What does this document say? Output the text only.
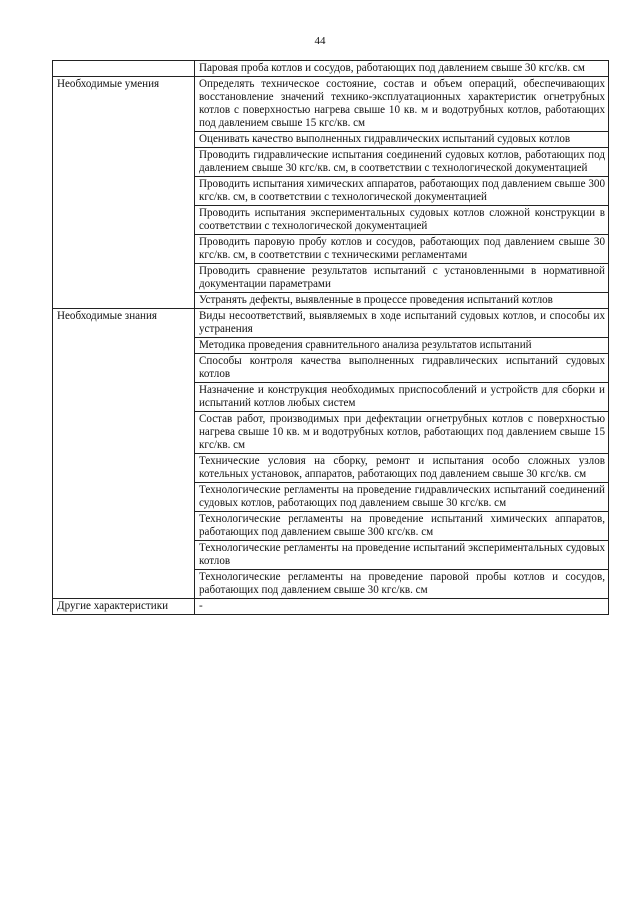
44
	Паровая проба котлов и сосудов, работающих под давлением свыше 30 кгс/кв. см
Необходимые умения	Определять техническое состояние, состав и объем операций, обеспечивающих восстановление значений технико-эксплуатационных характеристик огнетрубных котлов с поверхностью нагрева свыше 10 кв. м и водотрубных котлов, работающих под давлением свыше 15 кгс/кв. см
	Оценивать качество выполненных гидравлических испытаний судовых котлов
	Проводить гидравлические испытания соединений судовых котлов, работающих под давлением свыше 30 кгс/кв. см, в соответствии с технологической документацией
	Проводить испытания химических аппаратов, работающих под давлением свыше 300 кгс/кв. см, в соответствии с технологической документацией
	Проводить испытания экспериментальных судовых котлов сложной конструкции в соответствии с технологической документацией
	Проводить паровую пробу котлов и сосудов, работающих под давлением свыше 30 кгс/кв. см, в соответствии с техническими регламентами
	Проводить сравнение результатов испытаний с установленными в нормативной документации параметрами
	Устранять дефекты, выявленные в процессе проведения испытаний котлов
Необходимые знания	Виды несоответствий, выявляемых в ходе испытаний судовых котлов, и способы их устранения
	Методика проведения сравнительного анализа результатов испытаний
	Способы контроля качества выполненных гидравлических испытаний судовых котлов
	Назначение и конструкция необходимых приспособлений и устройств для сборки и испытаний котлов любых систем
	Состав работ, производимых при дефектации огнетрубных котлов с поверхностью нагрева свыше 10 кв. м и водотрубных котлов, работающих под давлением свыше 15 кгс/кв. см
	Технические условия на сборку, ремонт и испытания особо сложных узлов котельных установок, аппаратов, работающих под давлением свыше 30 кгс/кв. см
	Технологические регламенты на проведение гидравлических испытаний соединений судовых котлов, работающих под давлением свыше 30 кгс/кв. см
	Технологические регламенты на проведение испытаний химических аппаратов, работающих под давлением свыше 300 кгс/кв. см
	Технологические регламенты на проведение испытаний экспериментальных судовых котлов
	Технологические регламенты на проведение паровой пробы котлов и сосудов, работающих под давлением свыше 30 кгс/кв. см
Другие характеристики	-
